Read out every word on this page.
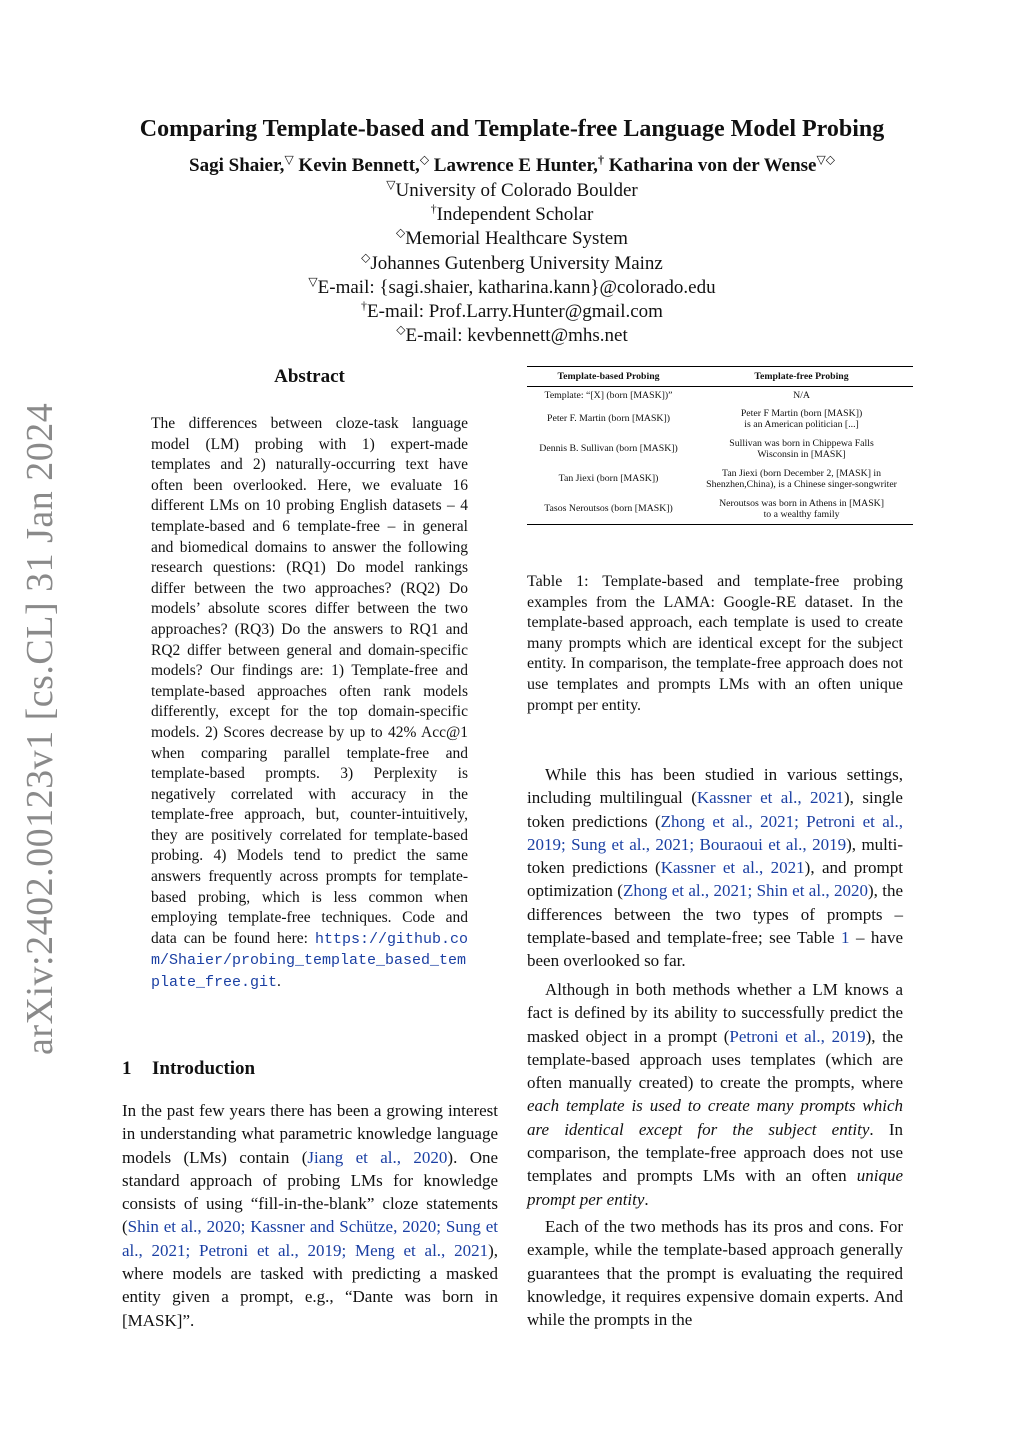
arXiv:2402.00123v1 [cs.CL] 31 Jan 2024
Comparing Template-based and Template-free Language Model Probing
Sagi Shaier,▽ Kevin Bennett,◇ Lawrence E Hunter,† Katharina von der Wense▽◇
▽University of Colorado Boulder
†Independent Scholar
◇Memorial Healthcare System
◇Johannes Gutenberg University Mainz
▽E-mail: {sagi.shaier, katharina.kann}@colorado.edu
†E-mail: Prof.Larry.Hunter@gmail.com
◇E-mail: kevbennett@mhs.net
Abstract
The differences between cloze-task language model (LM) probing with 1) expert-made templates and 2) naturally-occurring text have often been overlooked. Here, we evaluate 16 different LMs on 10 probing English datasets – 4 template-based and 6 template-free – in general and biomedical domains to answer the following research questions: (RQ1) Do model rankings differ between the two approaches? (RQ2) Do models’ absolute scores differ between the two approaches? (RQ3) Do the answers to RQ1 and RQ2 differ between general and domain-specific models? Our findings are: 1) Template-free and template-based approaches often rank models differently, except for the top domain-specific models. 2) Scores decrease by up to 42% Acc@1 when comparing parallel template-free and template-based prompts. 3) Perplexity is negatively correlated with accuracy in the template-free approach, but, counter-intuitively, they are positively correlated for template-based probing. 4) Models tend to predict the same answers frequently across prompts for template-based probing, which is less common when employing template-free techniques. Code and data can be found here: https://github.com/Shaier/probing_template_based_template_free.git.
1 Introduction
In the past few years there has been a growing interest in understanding what parametric knowledge language models (LMs) contain (Jiang et al., 2020). One standard approach of probing LMs for knowledge consists of using “fill-in-the-blank” cloze statements (Shin et al., 2020; Kassner and Schütze, 2020; Sung et al., 2021; Petroni et al., 2019; Meng et al., 2021), where models are tasked with predicting a masked entity given a prompt, e.g., “Dante was born in [MASK]”.
Template-based Probing	Template-free Probing
Template: “[X] (born [MASK])”	N/A
Peter F. Martin (born [MASK])	Peter F Martin (born [MASK])
is an American politician [...]
Dennis B. Sullivan (born [MASK])	Sullivan was born in Chippewa Falls
Wisconsin in [MASK]
Tan Jiexi (born [MASK])	Tan Jiexi (born December 2, [MASK] in
Shenzhen,China), is a Chinese singer-songwriter
Tasos Neroutsos (born [MASK])	Neroutsos was born in Athens in [MASK]
to a wealthy family
Table 1: Template-based and template-free probing examples from the LAMA: Google-RE dataset. In the template-based approach, each template is used to create many prompts which are identical except for the subject entity. In comparison, the template-free approach does not use templates and prompts LMs with an often unique prompt per entity.
While this has been studied in various settings, including multilingual (Kassner et al., 2021), single token predictions (Zhong et al., 2021; Petroni et al., 2019; Sung et al., 2021; Bouraoui et al., 2019), multi-token predictions (Kassner et al., 2021), and prompt optimization (Zhong et al., 2021; Shin et al., 2020), the differences between the two types of prompts – template-based and template-free; see Table 1 – have been overlooked so far.
Although in both methods whether a LM knows a fact is defined by its ability to successfully predict the masked object in a prompt (Petroni et al., 2019), the template-based approach uses templates (which are often manually created) to create the prompts, where each template is used to create many prompts which are identical except for the subject entity. In comparison, the template-free approach does not use templates and prompts LMs with an often unique prompt per entity.
Each of the two methods has its pros and cons. For example, while the template-based approach generally guarantees that the prompt is evaluating the required knowledge, it requires expensive domain experts. And while the prompts in the
